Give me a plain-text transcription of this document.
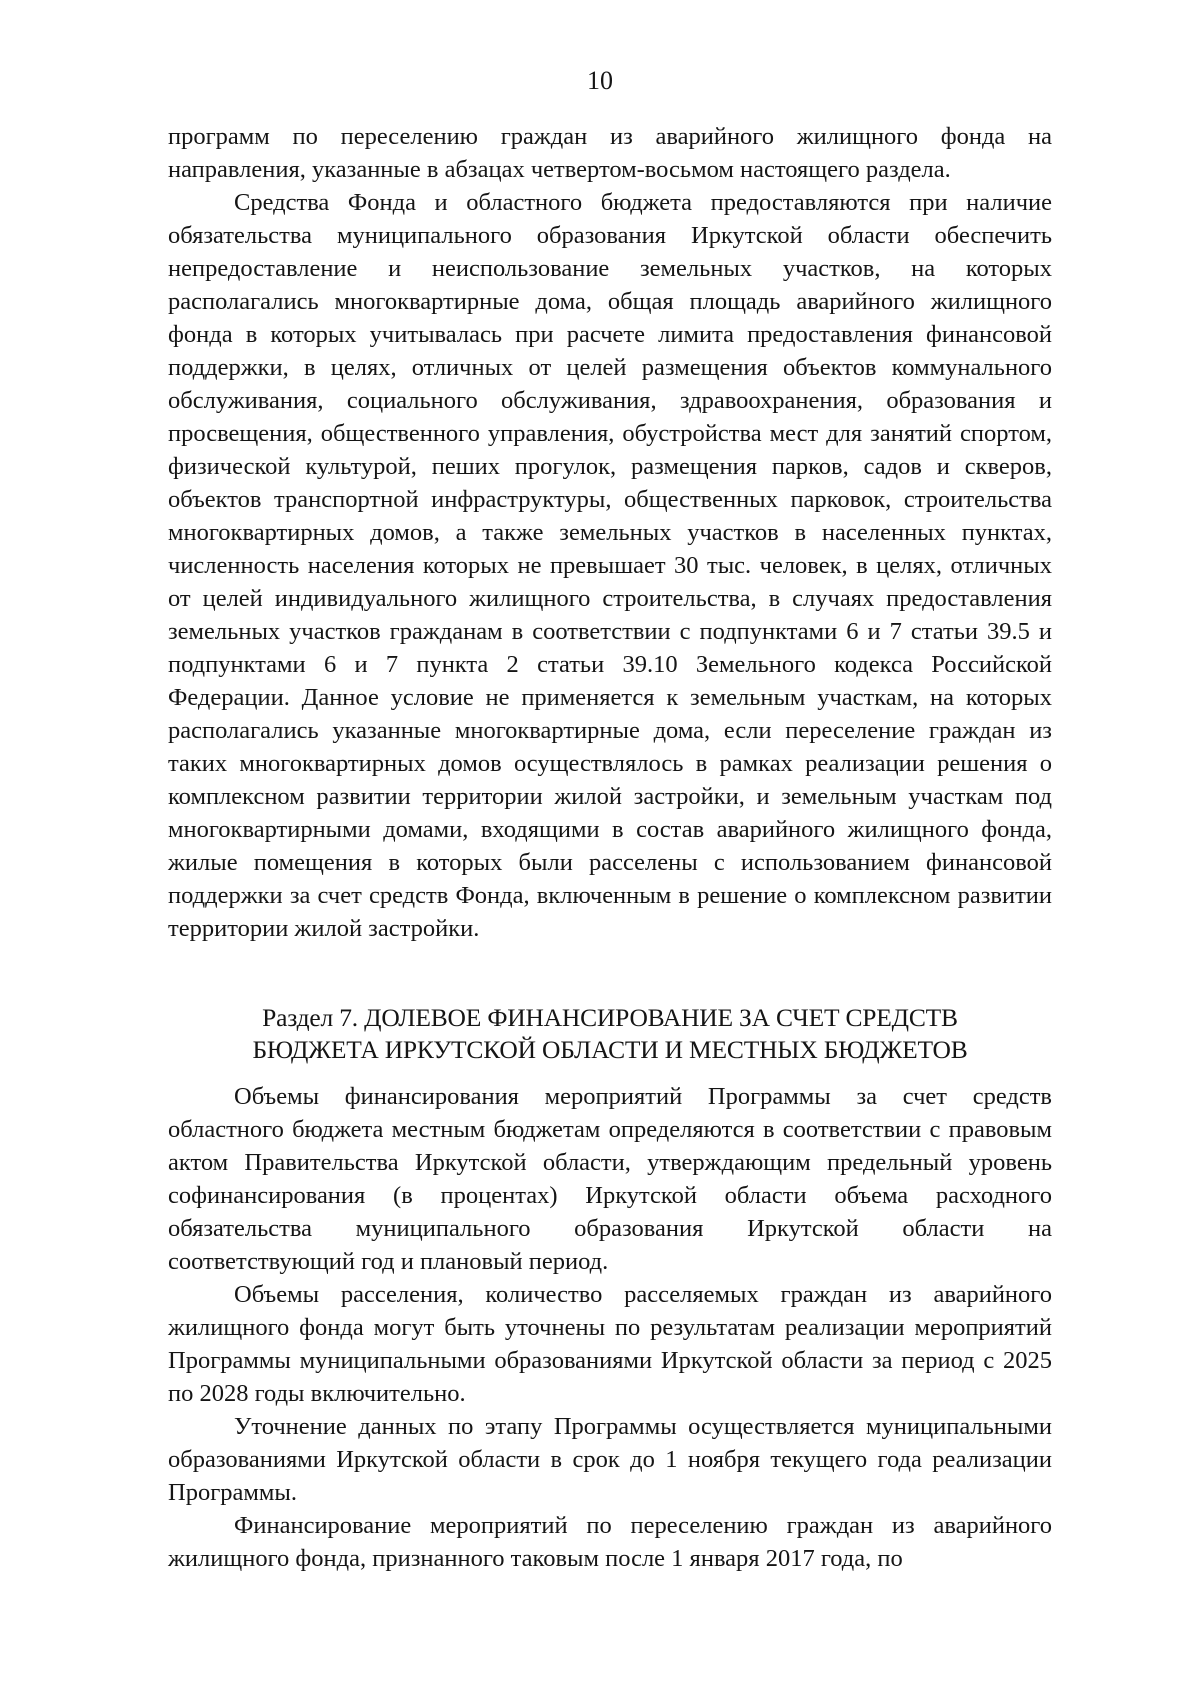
10

программ по переселению граждан из аварийного жилищного фонда на направления, указанные в абзацах четвертом-восьмом настоящего раздела.

Средства Фонда и областного бюджета предоставляются при наличие обязательства муниципального образования Иркутской области обеспечить непредоставление и неиспользование земельных участков, на которых располагались многоквартирные дома, общая площадь аварийного жилищного фонда в которых учитывалась при расчете лимита предоставления финансовой поддержки, в целях, отличных от целей размещения объектов коммунального обслуживания, социального обслуживания, здравоохранения, образования и просвещения, общественного управления, обустройства мест для занятий спортом, физической культурой, пеших прогулок, размещения парков, садов и скверов, объектов транспортной инфраструктуры, общественных парковок, строительства многоквартирных домов, а также земельных участков в населенных пунктах, численность населения которых не превышает 30 тыс. человек, в целях, отличных от целей индивидуального жилищного строительства, в случаях предоставления земельных участков гражданам в соответствии с подпунктами 6 и 7 статьи 39.5 и подпунктами 6 и 7 пункта 2 статьи 39.10 Земельного кодекса Российской Федерации. Данное условие не применяется к земельным участкам, на которых располагались указанные многоквартирные дома, если переселение граждан из таких многоквартирных домов осуществлялось в рамках реализации решения о комплексном развитии территории жилой застройки, и земельным участкам под многоквартирными домами, входящими в состав аварийного жилищного фонда, жилые помещения в которых были расселены с использованием финансовой поддержки за счет средств Фонда, включенным в решение о комплексном развитии территории жилой застройки.

Раздел 7. ДОЛЕВОЕ ФИНАНСИРОВАНИЕ ЗА СЧЕТ СРЕДСТВ
БЮДЖЕТА ИРКУТСКОЙ ОБЛАСТИ И МЕСТНЫХ БЮДЖЕТОВ

Объемы финансирования мероприятий Программы за счет средств областного бюджета местным бюджетам определяются в соответствии с правовым актом Правительства Иркутской области, утверждающим предельный уровень софинансирования (в процентах) Иркутской области объема расходного обязательства муниципального образования Иркутской области на соответствующий год и плановый период.

Объемы расселения, количество расселяемых граждан из аварийного жилищного фонда могут быть уточнены по результатам реализации мероприятий Программы муниципальными образованиями Иркутской области за период с 2025 по 2028 годы включительно.

Уточнение данных по этапу Программы осуществляется муниципальными образованиями Иркутской области в срок до 1 ноября текущего года реализации Программы.

Финансирование мероприятий по переселению граждан из аварийного жилищного фонда, признанного таковым после 1 января 2017 года, по
